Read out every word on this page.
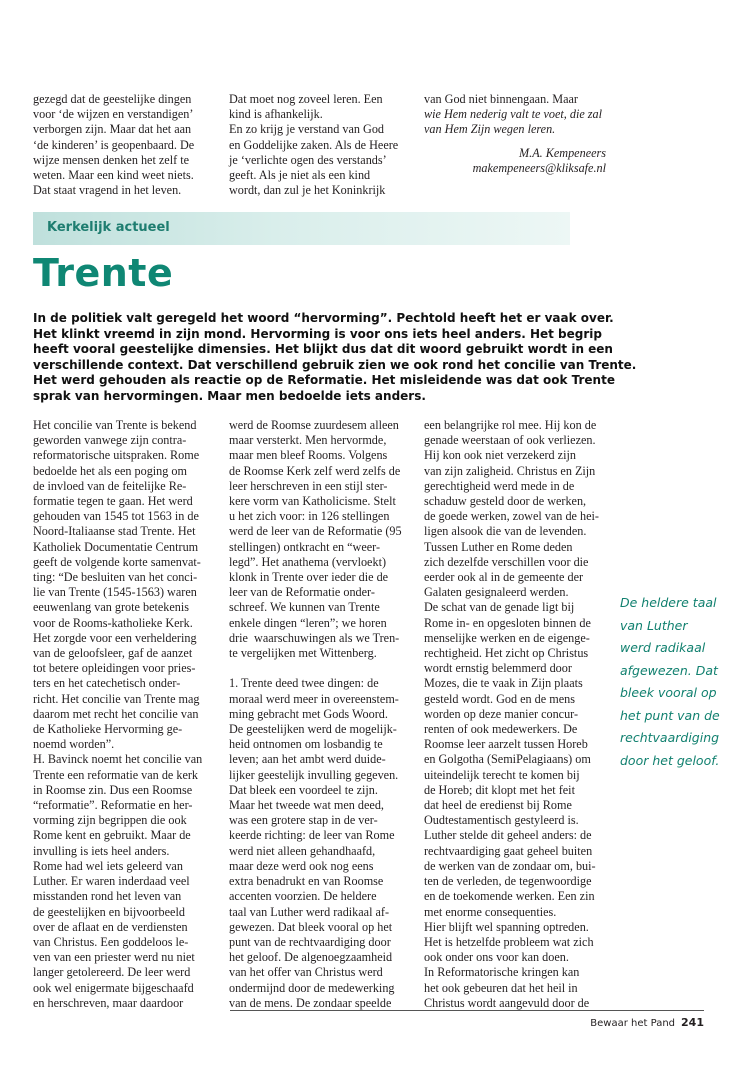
gezegd dat de geestelijke dingen
voor ‘de wijzen en verstandigen’
verborgen zijn. Maar dat het aan
‘de kinderen’ is geopenbaard. De
wijze mensen denken het zelf te
weten. Maar een kind weet niets.
Dat staat vragend in het leven.
Dat moet nog zoveel leren. Een
kind is afhankelijk.
En zo krijg je verstand van God
en Goddelijke zaken. Als de Heere
je ‘verlichte ogen des verstands’
geeft. Als je niet als een kind
wordt, dan zul je het Koninkrijk
van God niet binnengaan. Maar
wie Hem nederig valt te voet, die zal
van Hem Zijn wegen leren.
M.A. Kempeneers
makempeneers@kliksafe.nl
Kerkelijk actueel
Trente
In de politiek valt geregeld het woord “hervorming”. Pechtold heeft het er vaak over.
Het klinkt vreemd in zijn mond. Hervorming is voor ons iets heel anders. Het begrip
heeft vooral geestelijke dimensies. Het blijkt dus dat dit woord gebruikt wordt in een
verschillende context. Dat verschillend gebruik zien we ook rond het concilie van Trente.
Het werd gehouden als reactie op de Reformatie. Het misleidende was dat ook Trente
sprak van hervormingen. Maar men bedoelde iets anders.
Het concilie van Trente is bekend
geworden vanwege zijn contra-
reformatorische uitspraken. Rome
bedoelde het als een poging om
de invloed van de feitelijke Re-
formatie tegen te gaan. Het werd
gehouden van 1545 tot 1563 in de
Noord-Italiaanse stad Trente. Het
Katholiek Documentatie Centrum
geeft de volgende korte samenvat-
ting: “De besluiten van het conci-
lie van Trente (1545-1563) waren
eeuwenlang van grote betekenis
voor de Rooms-katholieke Kerk.
Het zorgde voor een verheldering
van de geloofsleer, gaf de aanzet
tot betere opleidingen voor pries-
ters en het catechetisch onder-
richt. Het concilie van Trente mag
daarom met recht het concilie van
de Katholieke Hervorming ge-
noemd worden”.
H. Bavinck noemt het concilie van
Trente een reformatie van de kerk
in Roomse zin. Dus een Roomse
“reformatie”. Reformatie en her-
vorming zijn begrippen die ook
Rome kent en gebruikt. Maar de
invulling is iets heel anders.
Rome had wel iets geleerd van
Luther. Er waren inderdaad veel
misstanden rond het leven van
de geestelijken en bijvoorbeeld
over de aflaat en de verdiensten
van Christus. Een goddeloos le-
ven van een priester werd nu niet
langer getolereerd. De leer werd
ook wel enigermate bijgeschaafd
en herschreven, maar daardoor
werd de Roomse zuurdesem alleen
maar versterkt. Men hervormde,
maar men bleef Rooms. Volgens
de Roomse Kerk zelf werd zelfs de
leer herschreven in een stijl ster-
kere vorm van Katholicisme. Stelt
u het zich voor: in 126 stellingen
werd de leer van de Reformatie (95
stellingen) ontkracht en “weer-
legd”. Het anathema (vervloekt)
klonk in Trente over ieder die de
leer van de Reformatie onder-
schreef. We kunnen van Trente
enkele dingen “leren”; we horen
drie  waarschuwingen als we Tren-
te vergelijken met Wittenberg.

1. Trente deed twee dingen: de
moraal werd meer in overeenstem-
ming gebracht met Gods Woord.
De geestelijken werd de mogelijk-
heid ontnomen om losbandig te
leven; aan het ambt werd duide-
lijker geestelijk invulling gegeven.
Dat bleek een voordeel te zijn.
Maar het tweede wat men deed,
was een grotere stap in de ver-
keerde richting: de leer van Rome
werd niet alleen gehandhaafd,
maar deze werd ook nog eens
extra benadrukt en van Roomse
accenten voorzien. De heldere
taal van Luther werd radikaal af-
gewezen. Dat bleek vooral op het
punt van de rechtvaardiging door
het geloof. De algenoegzaamheid
van het offer van Christus werd
ondermijnd door de medewerking
van de mens. De zondaar speelde
een belangrijke rol mee. Hij kon de
genade weerstaan of ook verliezen.
Hij kon ook niet verzekerd zijn
van zijn zaligheid. Christus en Zijn
gerechtigheid werd mede in de
schaduw gesteld door de werken,
de goede werken, zowel van de hei-
ligen alsook die van de levenden.
Tussen Luther en Rome deden
zich dezelfde verschillen voor die
eerder ook al in de gemeente der
Galaten gesignaleerd werden.
De schat van de genade ligt bij
Rome in- en opgesloten binnen de
menselijke werken en de eigenge-
rechtigheid. Het zicht op Christus
wordt ernstig belemmerd door
Mozes, die te vaak in Zijn plaats
gesteld wordt. God en de mens
worden op deze manier concur-
renten of ook medewerkers. De
Roomse leer aarzelt tussen Horeb
en Golgotha (SemiPelagiaans) om
uiteindelijk terecht te komen bij
de Horeb; dit klopt met het feit
dat heel de eredienst bij Rome
Oudtestamentisch gestyleerd is.
Luther stelde dit geheel anders: de
rechtvaardiging gaat geheel buiten
de werken van de zondaar om, bui-
ten de verleden, de tegenwoordige
en de toekomende werken. Een zin
met enorme consequenties.
Hier blijft wel spanning optreden.
Het is hetzelfde probleem wat zich
ook onder ons voor kan doen.
In Reformatorische kringen kan
het ook gebeuren dat het heil in
Christus wordt aangevuld door de

De heldere taal van Luther werd radikaal afgewezen. Dat bleek vooral op het punt van de rechtvaardiging door het geloof.

Bewaar het Pand 241
